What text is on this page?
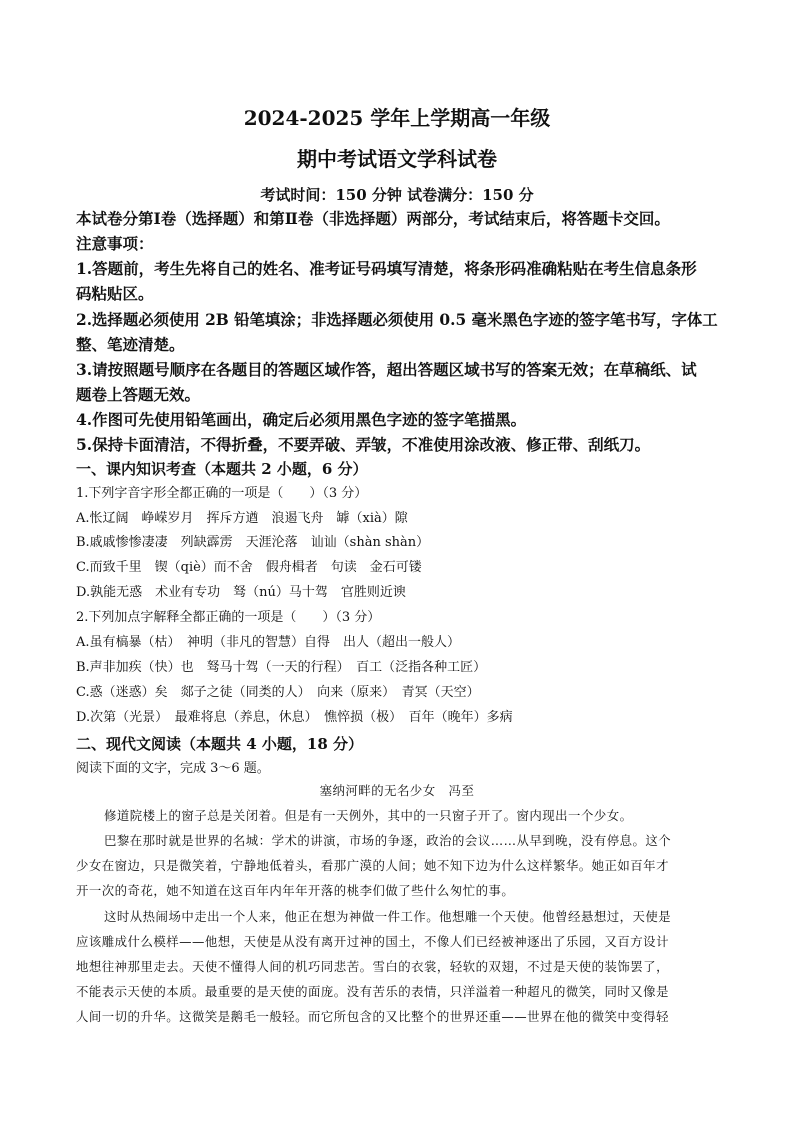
2024-2025 学年上学期高一年级
期中考试语文学科试卷
考试时间：150 分钟 试卷满分：150 分
本试卷分第Ⅰ卷（选择题）和第Ⅱ卷（非选择题）两部分，考试结束后，将答题卡交回。
注意事项：
1.答题前，考生先将自己的姓名、准考证号码填写清楚，将条形码准确粘贴在考生信息条形
码粘贴区。
2.选择题必须使用 2B 铅笔填涂；非选择题必须使用 0.5 毫米黑色字迹的签字笔书写，字体工
整、笔迹清楚。
3.请按照题号顺序在各题目的答题区域作答，超出答题区域书写的答案无效；在草稿纸、试
题卷上答题无效。
4.作图可先使用铅笔画出，确定后必须用黑色字迹的签字笔描黑。
5.保持卡面清洁，不得折叠，不要弄破、弄皱，不准使用涂改液、修正带、刮纸刀。
一、课内知识考查（本题共 2 小题，6 分）
1.下列字音字形全都正确的一项是（　　）（3 分）
A.怅辽阔　峥嵘岁月　挥斥方遒　浪遏飞舟　罅（xià）隙
B.戚戚惨惨凄凄　列缺霹雳　天涯沦落　讪讪（shàn shàn）
C.而致千里　锲（qiè）而不舍　假舟楫者　句读　金石可镂
D.孰能无惑　术业有专功　驽（nú）马十驾　官胜则近谀
2.下列加点字解释全都正确的一项是（　　）（3 分）
A.虽有槁暴（枯）　神明（非凡的智慧）自得　出人（超出一般人）
B.声非加疾（快）也　驽马十驾（一天的行程）　百工（泛指各种工匠）
C.惑（迷惑）矣　郯子之徒（同类的人）　向来（原来）　青冥（天空）
D.次第（光景）　最难将息（养息，休息）　憔悴损（极）　百年（晚年）多病
二、现代文阅读（本题共 4 小题，18 分）
阅读下面的文字，完成 3～6 题。
塞纳河畔的无名少女　冯至
修道院楼上的窗子总是关闭着。但是有一天例外，其中的一只窗子开了。窗内现出一个少女。
巴黎在那时就是世界的名城：学术的讲演，市场的争逐，政治的会议……从早到晚，没有停息。这个
少女在窗边，只是微笑着，宁静地低着头，看那广漠的人间；她不知下边为什么这样繁华。她正如百年才
开一次的奇花，她不知道在这百年内年年开落的桃李们做了些什么匆忙的事。
这时从热闹场中走出一个人来，他正在想为神做一件工作。他想雕一个天使。他曾经悬想过，天使是
应该雕成什么模样——他想，天使是从没有离开过神的国土，不像人们已经被神逐出了乐园，又百方设计
地想往神那里走去。天使不懂得人间的机巧同悲苦。雪白的衣裳，轻软的双翅，不过是天使的装饰罢了，
不能表示天使的本质。最重要的是天使的面庞。没有苦乐的表情，只洋溢着一种超凡的微笑，同时又像是
人间一切的升华。这微笑是鹅毛一般轻。而它所包含的又比整个的世界还重——世界在他的微笑中变得轻
